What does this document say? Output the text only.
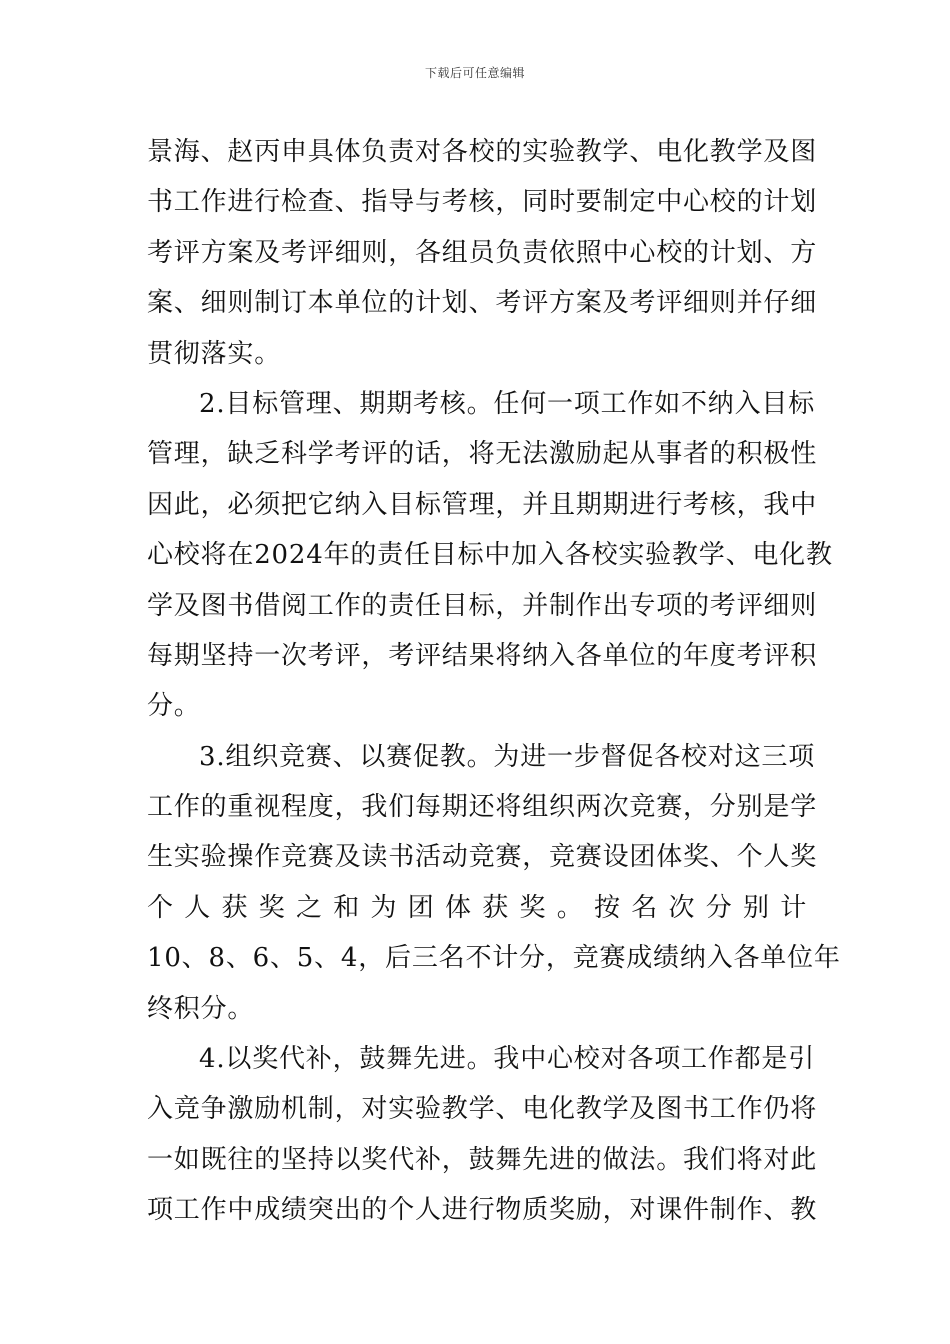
下载后可任意编辑
景海、赵丙申具体负责对各校的实验教学、电化教学及图
书工作进行检查、指导与考核，同时要制定中心校的计划
考评方案及考评细则，各组员负责依照中心校的计划、方
案、细则制订本单位的计划、考评方案及考评细则并仔细
贯彻落实。
2.目标管理、期期考核。任何一项工作如不纳入目标
管理，缺乏科学考评的话，将无法激励起从事者的积极性
因此，必须把它纳入目标管理，并且期期进行考核，我中
心校将在2024年的责任目标中加入各校实验教学、电化教
学及图书借阅工作的责任目标，并制作出专项的考评细则
每期坚持一次考评，考评结果将纳入各单位的年度考评积
分。
3.组织竞赛、以赛促教。为进一步督促各校对这三项
工作的重视程度，我们每期还将组织两次竞赛，分别是学
生实验操作竞赛及读书活动竞赛，竞赛设团体奖、个人奖
个人获奖之和为团体获奖。按名次分别计
10、8、6、5、4，后三名不计分，竞赛成绩纳入各单位年
终积分。
4.以奖代补，鼓舞先进。我中心校对各项工作都是引
入竞争激励机制，对实验教学、电化教学及图书工作仍将
一如既往的坚持以奖代补，鼓舞先进的做法。我们将对此
项工作中成绩突出的个人进行物质奖励，对课件制作、教
